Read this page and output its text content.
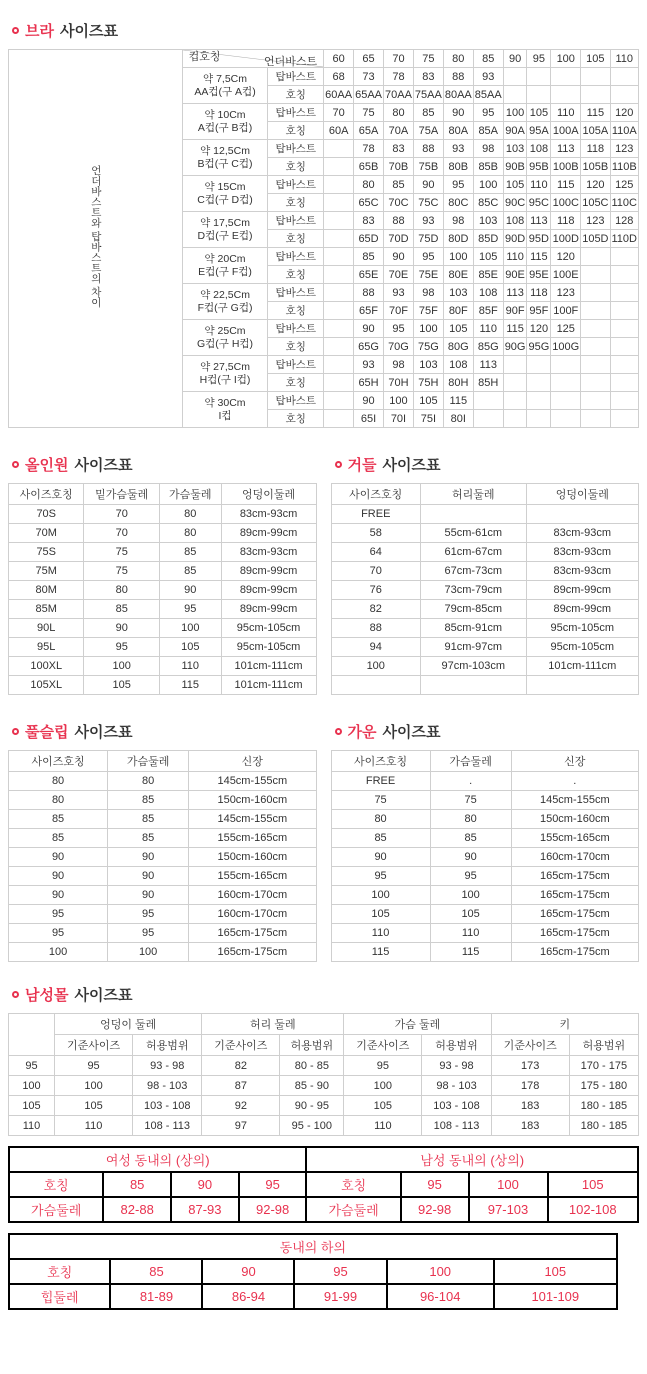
브라 사이즈표
언더바스트와 탑바스트의 차이	언더바스트
컵호칭		60	65	70	75	80	85	90	95	100	105	110
	약 7,5Cm
AA컵(구 A컵)	탑바스트	68	73	78	83	88	93					
		호칭	60AA	65AA	70AA	75AA	80AA	85AA					
	약 10Cm
A컵(구 B컵)	탑바스트	70	75	80	85	90	95	100	105	110	115	120
		호칭	60A	65A	70A	75A	80A	85A	90A	95A	100A	105A	110A
	약 12,5Cm
B컵(구 C컵)	탑바스트		78	83	88	93	98	103	108	113	118	123
		호칭		65B	70B	75B	80B	85B	90B	95B	100B	105B	110B
	약 15Cm
C컵(구 D컵)	탑바스트		80	85	90	95	100	105	110	115	120	125
		호칭		65C	70C	75C	80C	85C	90C	95C	100C	105C	110C
	약 17,5Cm
D컵(구 E컵)	탑바스트		83	88	93	98	103	108	113	118	123	128
		호칭		65D	70D	75D	80D	85D	90D	95D	100D	105D	110D
	약 20Cm
E컵(구 F컵)	탑바스트		85	90	95	100	105	110	115	120		
		호칭		65E	70E	75E	80E	85E	90E	95E	100E		
	약 22,5Cm
F컵(구 G컵)	탑바스트		88	93	98	103	108	113	118	123		
		호칭		65F	70F	75F	80F	85F	90F	95F	100F		
	약 25Cm
G컵(구 H컵)	탑바스트		90	95	100	105	110	115	120	125		
		호칭		65G	70G	75G	80G	85G	90G	95G	100G		
	약 27,5Cm
H컵(구 I컵)	탑바스트		93	98	103	108	113					
		호칭		65H	70H	75H	80H	85H					
	약 30Cm
I컵	탑바스트		90	100	105	115						
		호칭		65I	70I	75I	80I						
올인원 사이즈표
사이즈호칭	밑가슴둘레	가슴둘레	엉덩이둘레
70S	70	80	83cm-93cm
70M	70	80	89cm-99cm
75S	75	85	83cm-93cm
75M	75	85	89cm-99cm
80M	80	90	89cm-99cm
85M	85	95	89cm-99cm
90L	90	100	95cm-105cm
95L	95	105	95cm-105cm
100XL	100	110	101cm-111cm
105XL	105	115	101cm-111cm
거들 사이즈표
사이즈호칭	허리둘레	엉덩이둘레
FREE		
58	55cm-61cm	83cm-93cm
64	61cm-67cm	83cm-93cm
70	67cm-73cm	83cm-93cm
76	73cm-79cm	89cm-99cm
82	79cm-85cm	89cm-99cm
88	85cm-91cm	95cm-105cm
94	91cm-97cm	95cm-105cm
100	97cm-103cm	101cm-111cm

풀슬립 사이즈표
사이즈호칭	가슴둘레	신장
80	80	145cm-155cm
80	85	150cm-160cm
85	85	145cm-155cm
85	85	155cm-165cm
90	90	150cm-160cm
90	90	155cm-165cm
90	90	160cm-170cm
95	95	160cm-170cm
95	95	165cm-175cm
100	100	165cm-175cm
가운 사이즈표
사이즈호칭	가슴둘레	신장
FREE	.	.
75	75	145cm-155cm
80	80	150cm-160cm
85	85	155cm-165cm
90	90	160cm-170cm
95	95	165cm-175cm
100	100	165cm-175cm
105	105	165cm-175cm
110	110	165cm-175cm
115	115	165cm-175cm
남성몰 사이즈표
	엉덩이 둘레		허리 둘레		가슴 둘레		키	
	기준사이즈	허용범위	기준사이즈	허용범위	기준사이즈	허용범위	기준사이즈	허용범위
95	95	93 - 98	82	80 - 85	95	93 - 98	173	170 - 175
100	100	98 - 103	87	85 - 90	100	98 - 103	178	175 - 180
105	105	103 - 108	92	90 - 95	105	103 - 108	183	180 - 185
110	110	108 - 113	97	95 - 100	110	108 - 113	183	180 - 185
여성 동내의 (상의)				남성 동내의 (상의)			
호칭	85	90	95	호칭	95	100	105
가슴둘레	82-88	87-93	92-98	가슴둘레	92-98	97-103	102-108
동내의 하의						
호칭	85	90	95	100	105	
힙둘레	81-89	86-94	91-99	96-104	101-109	
